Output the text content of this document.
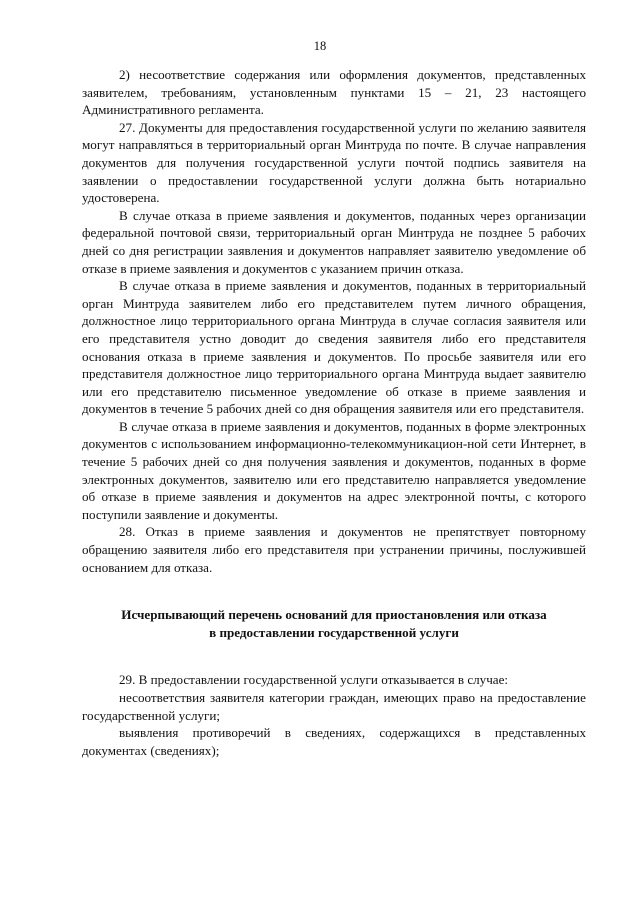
18

2) несоответствие содержания или оформления документов, представленных заявителем, требованиям, установленным пунктами 15 – 21, 23 настоящего Административного регламента.

27. Документы для предоставления государственной услуги по желанию заявителя могут направляться в территориальный орган Минтруда по почте. В случае направления документов для получения государственной услуги почтой подпись заявителя на заявлении о предоставлении государственной услуги должна быть нотариально удостоверена.

В случае отказа в приеме заявления и документов, поданных через организации федеральной почтовой связи, территориальный орган Минтруда не позднее 5 рабочих дней со дня регистрации заявления и документов направляет заявителю уведомление об отказе в приеме заявления и документов с указанием причин отказа.

В случае отказа в приеме заявления и документов, поданных в территориальный орган Минтруда заявителем либо его представителем путем личного обращения, должностное лицо территориального органа Минтруда в случае согласия заявителя или его представителя устно доводит до сведения заявителя либо его представителя основания отказа в приеме заявления и документов. По просьбе заявителя или его представителя должностное лицо территориального органа Минтруда выдает заявителю или его представителю письменное уведомление об отказе в приеме заявления и документов в течение 5 рабочих дней со дня обращения заявителя или его представителя.

В случае отказа в приеме заявления и документов, поданных в форме электронных документов с использованием информационно-телекоммуникацион-ной сети Интернет, в течение 5 рабочих дней со дня получения заявления и документов, поданных в форме электронных документов, заявителю или его представителю направляется уведомление об отказе в приеме заявления и документов на адрес электронной почты, с которого поступили заявление и документы.

28. Отказ в приеме заявления и документов не препятствует повторному обращению заявителя либо его представителя при устранении причины, послужившей основанием для отказа.

Исчерпывающий перечень оснований для приостановления или отказа
в предоставлении государственной услуги

29. В предоставлении государственной услуги отказывается в случае:

несоответствия заявителя категории граждан, имеющих право на предоставление государственной услуги;

выявления противоречий в сведениях, содержащихся в представленных документах (сведениях);
